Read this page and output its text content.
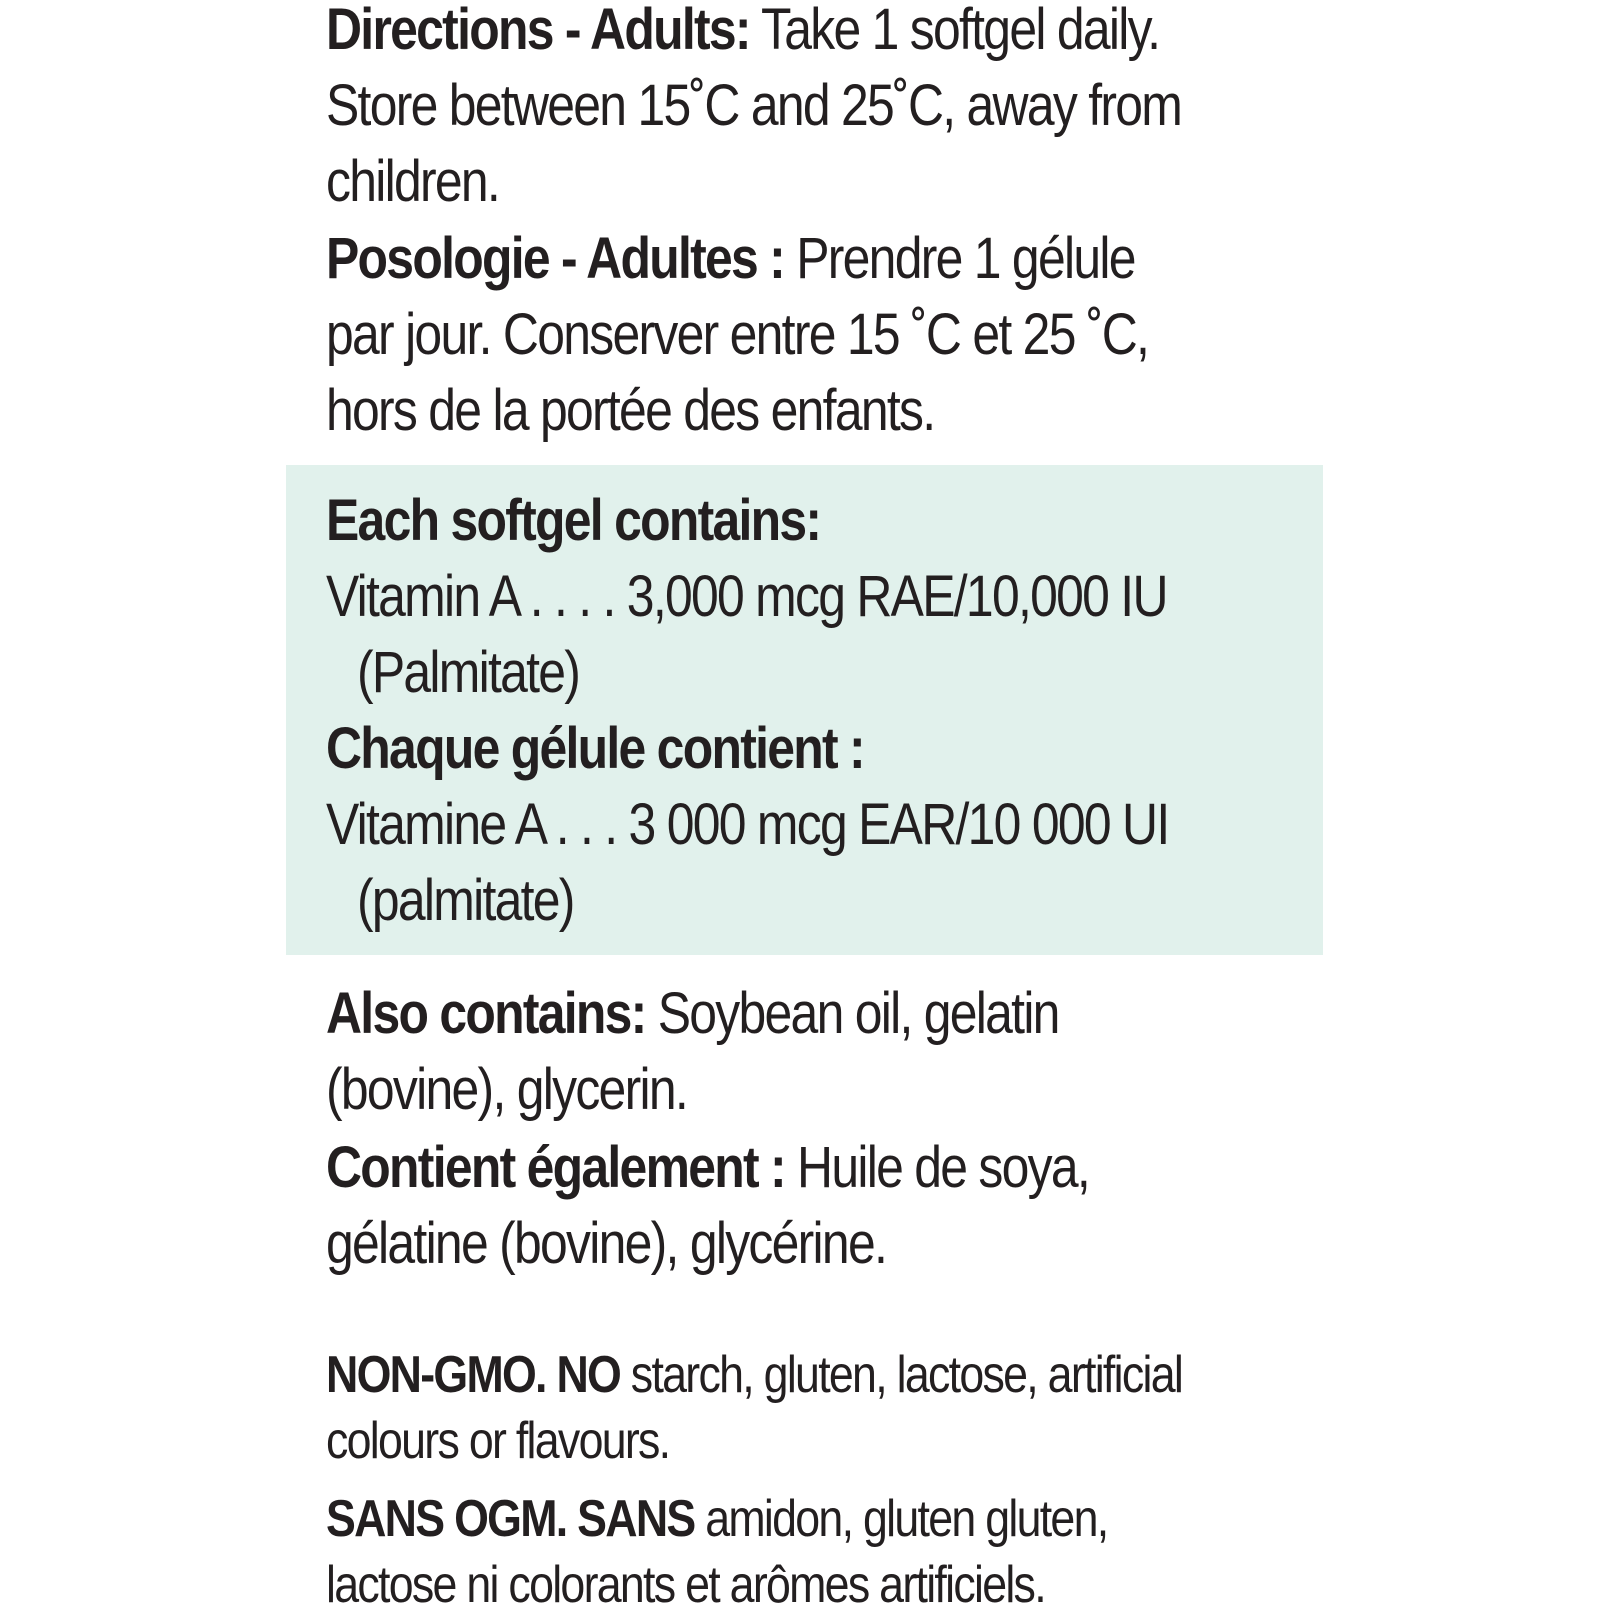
Directions - Adults: Take 1 softgel daily.
Store between 15˚C and 25˚C, away from
children.
Posologie - Adultes : Prendre 1 gélule
par jour. Conserver entre 15 ˚C et 25 ˚C,
hors de la portée des enfants.
Each softgel contains:
Vitamin A . . . . 3,000 mcg RAE/10,000 IU
(Palmitate)
Chaque gélule contient :
Vitamine A . . . 3 000 mcg EAR/10 000 UI
(palmitate)
Also contains: Soybean oil, gelatin
(bovine), glycerin.
Contient également : Huile de soya,
gélatine (bovine), glycérine.
NON-GMO. NO starch, gluten, lactose, artificial
colours or flavours.
SANS OGM. SANS amidon, gluten gluten,
lactose ni colorants et arômes artificiels.
